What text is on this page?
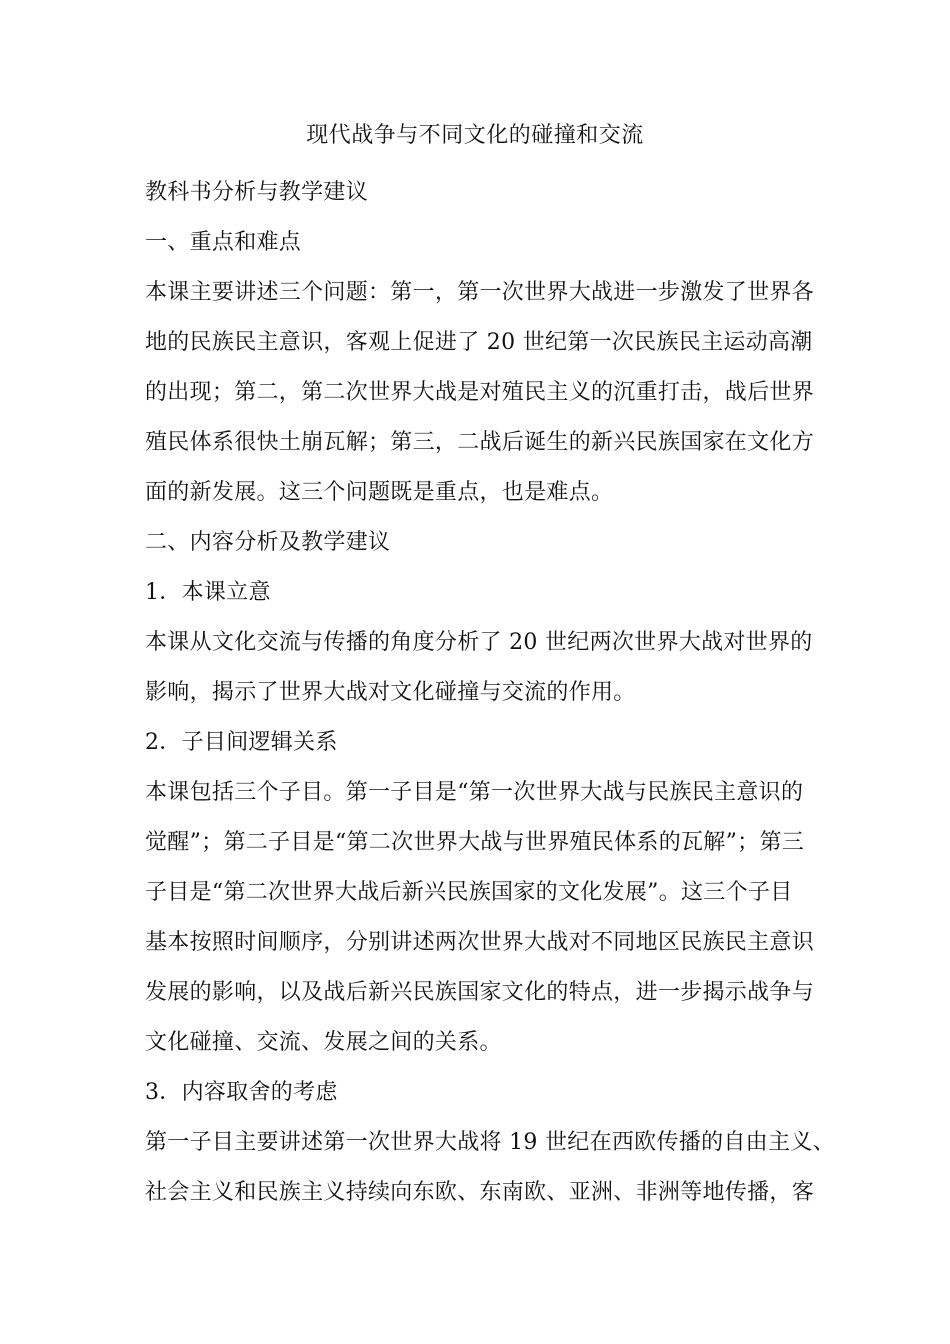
现代战争与不同文化的碰撞和交流
教科书分析与教学建议
一、重点和难点
本课主要讲述三个问题：第一，第一次世界大战进一步激发了世界各
地的民族民主意识，客观上促进了 20 世纪第一次民族民主运动高潮
的出现；第二，第二次世界大战是对殖民主义的沉重打击，战后世界
殖民体系很快土崩瓦解；第三，二战后诞生的新兴民族国家在文化方
面的新发展。这三个问题既是重点，也是难点。
二、内容分析及教学建议
1．本课立意
本课从文化交流与传播的角度分析了 20 世纪两次世界大战对世界的
影响，揭示了世界大战对文化碰撞与交流的作用。
2．子目间逻辑关系
本课包括三个子目。第一子目是“第一次世界大战与民族民主意识的
觉醒”；第二子目是“第二次世界大战与世界殖民体系的瓦解”；第三
子目是“第二次世界大战后新兴民族国家的文化发展”。这三个子目
基本按照时间顺序，分别讲述两次世界大战对不同地区民族民主意识
发展的影响，以及战后新兴民族国家文化的特点，进一步揭示战争与
文化碰撞、交流、发展之间的关系。
3．内容取舍的考虑
第一子目主要讲述第一次世界大战将 19 世纪在西欧传播的自由主义、
社会主义和民族主义持续向东欧、东南欧、亚洲、非洲等地传播，客
